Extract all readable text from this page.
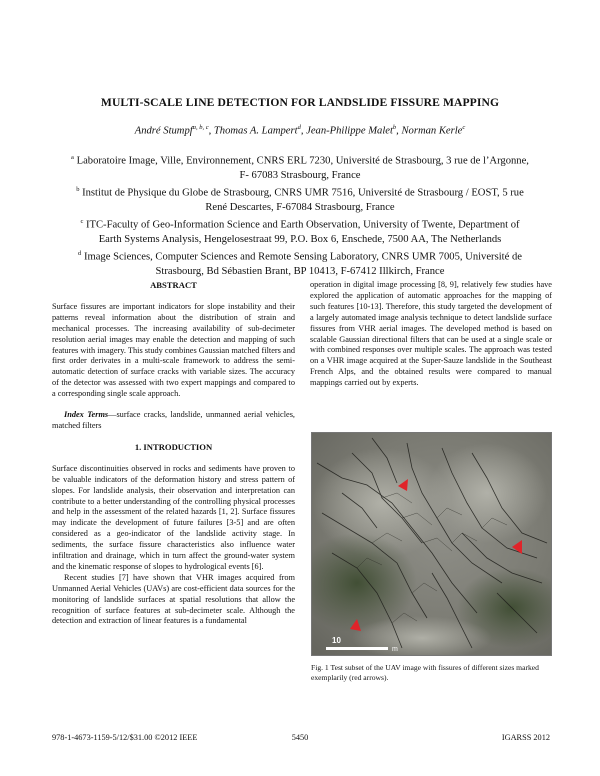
MULTI-SCALE LINE DETECTION FOR LANDSLIDE FISSURE MAPPING
André Stumpf$^{a, b, c}$, Thomas A. Lampert$^d$, Jean-Philippe Malet$^b$, Norman Kerle$^c$
$^a$ Laboratoire Image, Ville, Environnement, CNRS ERL 7230, Université de Strasbourg, 3 rue de l’Argonne, F- 67083 Strasbourg, France
$^b$ Institut de Physique du Globe de Strasbourg, CNRS UMR 7516, Université de Strasbourg / EOST, 5 rue René Descartes, F-67084 Strasbourg, France
$^c$ ITC-Faculty of Geo-Information Science and Earth Observation, University of Twente, Department of Earth Systems Analysis, Hengelosestraat 99, P.O. Box 6, Enschede, 7500 AA, The Netherlands
$^d$ Image Sciences, Computer Sciences and Remote Sensing Laboratory, CNRS UMR 7005, Université de Strasbourg, Bd Sébastien Brant, BP 10413, F-67412 Illkirch, France
ABSTRACT

Surface fissures are important indicators for slope instability and their patterns reveal information about the distribution of strain and mechanical processes. The increasing availability of sub-decimeter resolution aerial images may enable the detection and mapping of such features with imagery. This study combines Gaussian matched filters and first order derivates in a multi-scale framework to address the semi-automatic detection of surface cracks with variable sizes. The accuracy of the detector was assessed with two expert mappings and compared to a corresponding single scale approach.

Index Terms—surface cracks, landslide, unmanned aerial vehicles, matched filters

1. INTRODUCTION

Surface discontinuities observed in rocks and sediments have proven to be valuable indicators of the deformation history and stress pattern of slopes. For landslide analysis, their observation and interpretation can contribute to a better understanding of the controlling physical processes and help in the assessment of the related hazards [1, 2]. Surface fissures may indicate the development of future failures [3-5] and are often considered as a geo-indicator of the landslide activity stage. In sediments, the surface fissure characteristics also influence water infiltration and drainage, which in turn affect the ground-water system and the kinematic response of slopes to hydrological events [6].

Recent studies [7] have shown that VHR images acquired from Unmanned Aerial Vehicles (UAVs) are cost-efficient data sources for the monitoring of landslide surfaces at spatial resolutions that allow the recognition of surface features at sub-decimeter scale. Although the detection and extraction of linear features is a fundamental

operation in digital image processing [8, 9], relatively few studies have explored the application of automatic approaches for the mapping of such features [10-13]. Therefore, this study targeted the development of a largely automated image analysis technique to detect landslide surface fissures from VHR aerial images. The developed method is based on scalable Gaussian directional filters that can be used at a single scale or with combined responses over multiple scales. The approach was tested on a VHR image acquired at the Super-Sauze landslide in the Southeast French Alps, and the obtained results were compared to manual mappings carried out by experts.

10
m
Fig. 1 Test subset of the UAV image with fissures of different sizes marked exemplarily (red arrows).
978-1-4673-1159-5/12/$31.00 ©2012 IEEE	5450	IGARSS 2012
